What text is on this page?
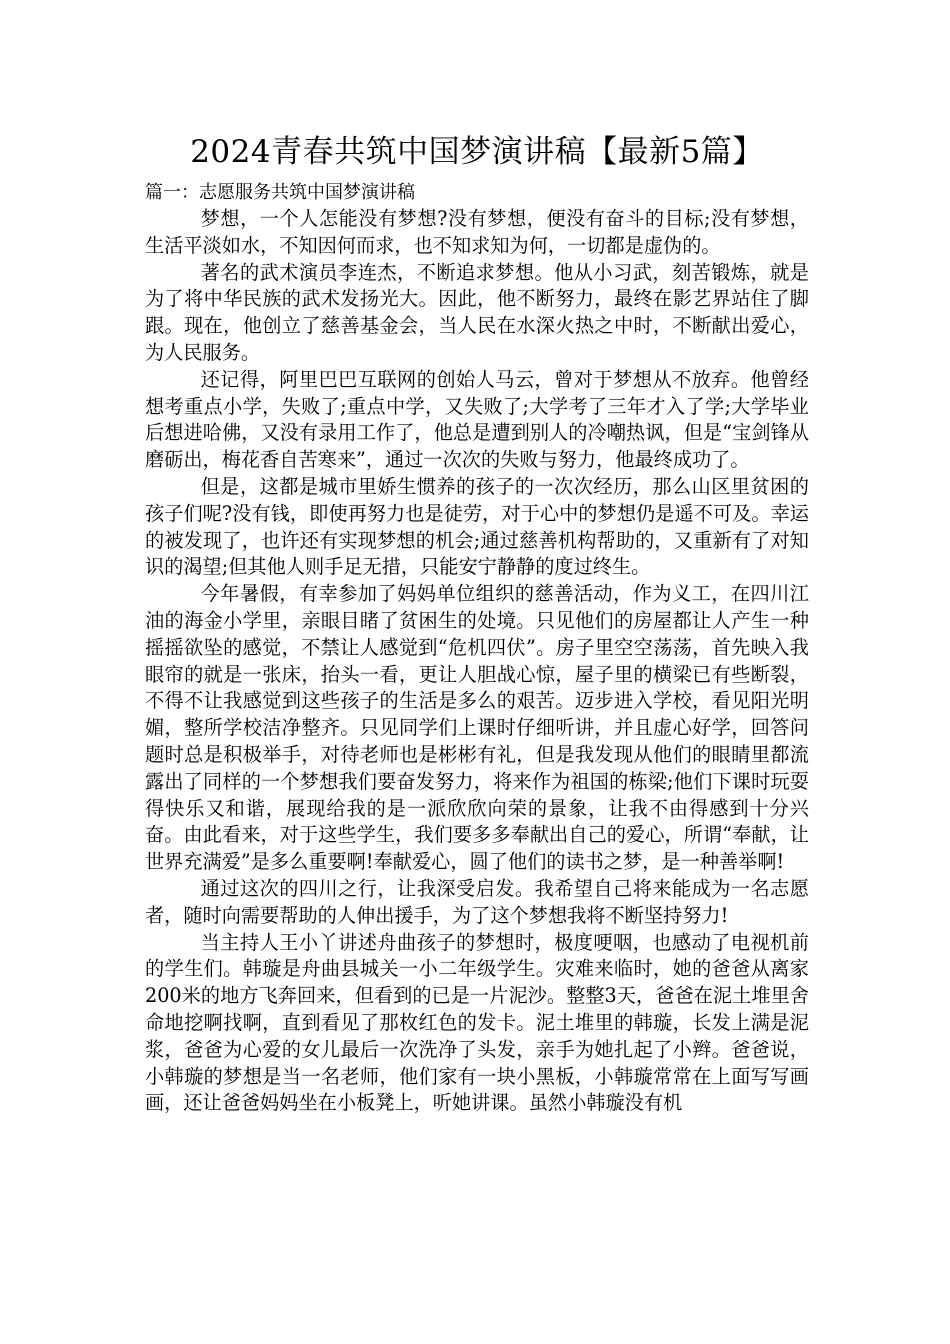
2024青春共筑中国梦演讲稿【最新5篇】
篇一：志愿服务共筑中国梦演讲稿

梦想，一个人怎能没有梦想?没有梦想，便没有奋斗的目标;没有梦想，生活平淡如水，不知因何而求，也不知求知为何，一切都是虚伪的。

著名的武术演员李连杰，不断追求梦想。他从小习武，刻苦锻炼，就是为了将中华民族的武术发扬光大。因此，他不断努力，最终在影艺界站住了脚跟。现在，他创立了慈善基金会，当人民在水深火热之中时，不断献出爱心，为人民服务。

还记得，阿里巴巴互联网的创始人马云，曾对于梦想从不放弃。他曾经想考重点小学，失败了;重点中学，又失败了;大学考了三年才入了学;大学毕业后想进哈佛，又没有录用工作了，他总是遭到别人的冷嘲热讽，但是“宝剑锋从磨砺出，梅花香自苦寒来”，通过一次次的失败与努力，他最终成功了。

但是，这都是城市里娇生惯养的孩子的一次次经历，那么山区里贫困的孩子们呢?没有钱，即使再努力也是徒劳，对于心中的梦想仍是遥不可及。幸运的被发现了，也许还有实现梦想的机会;通过慈善机构帮助的，又重新有了对知识的渴望;但其他人则手足无措，只能安宁静静的度过终生。

今年暑假，有幸参加了妈妈单位组织的慈善活动，作为义工，在四川江油的海金小学里，亲眼目睹了贫困生的处境。只见他们的房屋都让人产生一种摇摇欲坠的感觉，不禁让人感觉到“危机四伏”。房子里空空荡荡，首先映入我眼帘的就是一张床，抬头一看，更让人胆战心惊，屋子里的横梁已有些断裂，不得不让我感觉到这些孩子的生活是多么的艰苦。迈步进入学校，看见阳光明媚，整所学校洁净整齐。只见同学们上课时仔细听讲，并且虚心好学，回答问题时总是积极举手，对待老师也是彬彬有礼，但是我发现从他们的眼睛里都流露出了同样的一个梦想我们要奋发努力，将来作为祖国的栋梁;他们下课时玩耍得快乐又和谐，展现给我的是一派欣欣向荣的景象，让我不由得感到十分兴奋。由此看来，对于这些学生，我们要多多奉献出自己的爱心，所谓“奉献，让世界充满爱”是多么重要啊!奉献爱心，圆了他们的读书之梦，是一种善举啊!

通过这次的四川之行，让我深受启发。我希望自己将来能成为一名志愿者，随时向需要帮助的人伸出援手，为了这个梦想我将不断坚持努力!

当主持人王小丫讲述舟曲孩子的梦想时，极度哽咽，也感动了电视机前的学生们。韩璇是舟曲县城关一小二年级学生。灾难来临时，她的爸爸从离家200米的地方飞奔回来，但看到的已是一片泥沙。整整3天，爸爸在泥土堆里舍命地挖啊找啊，直到看见了那枚红色的发卡。泥土堆里的韩璇，长发上满是泥浆，爸爸为心爱的女儿最后一次洗净了头发，亲手为她扎起了小辫。爸爸说，小韩璇的梦想是当一名老师，他们家有一块小黑板，小韩璇常常在上面写写画画，还让爸爸妈妈坐在小板凳上，听她讲课。虽然小韩璇没有机
